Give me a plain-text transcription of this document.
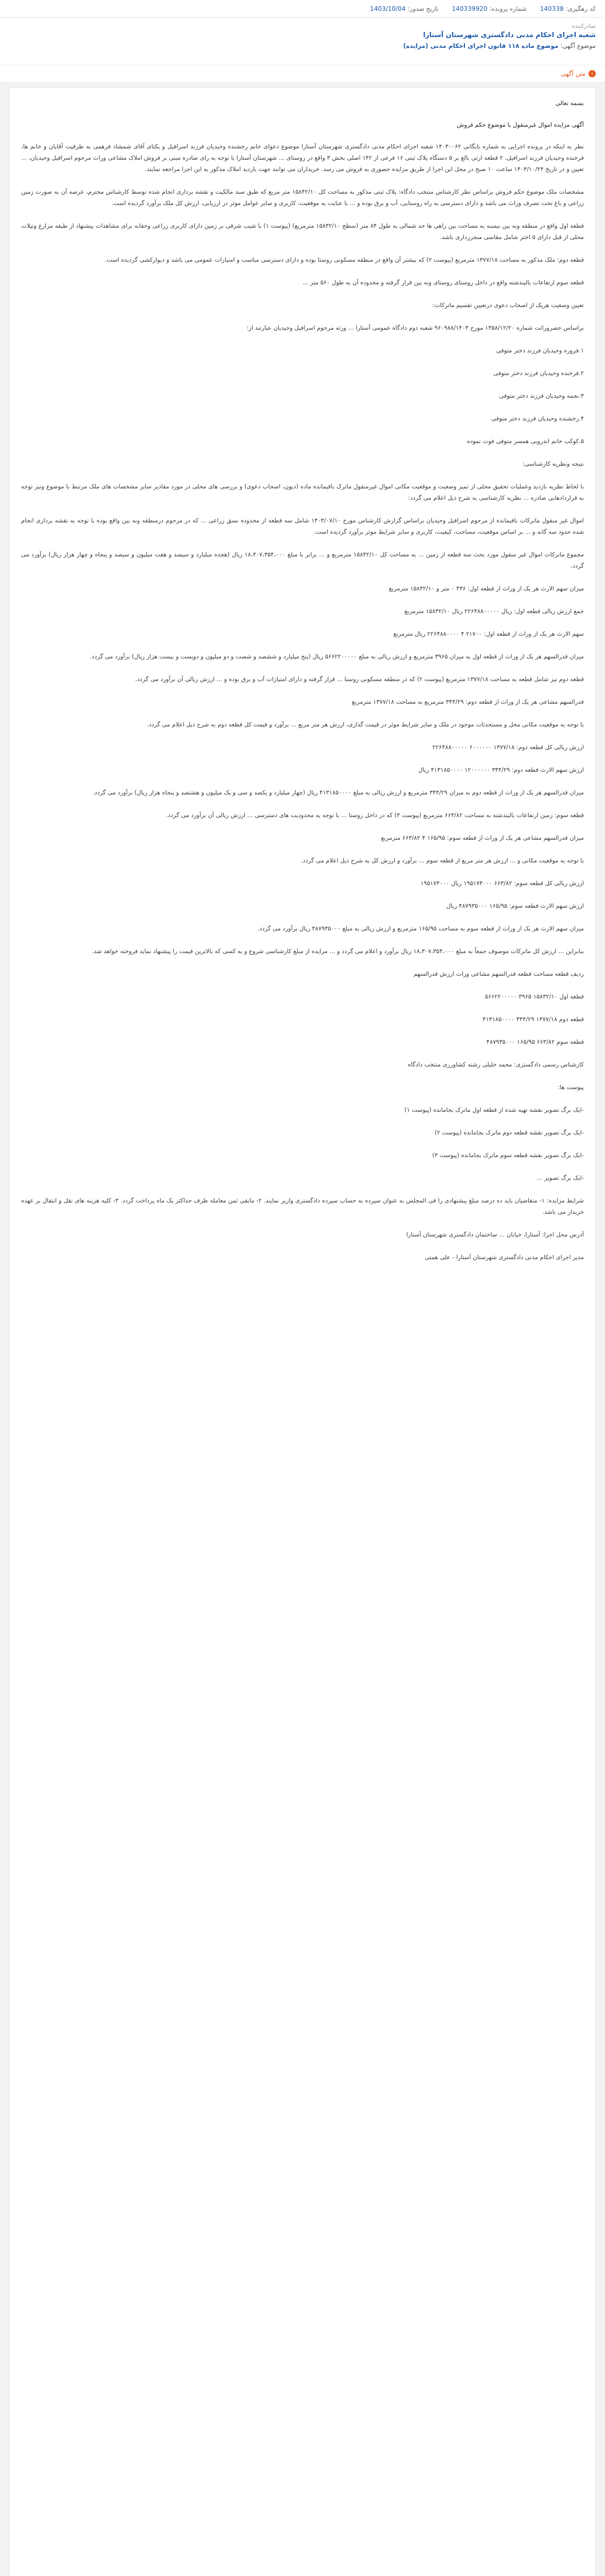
کد رهگیری:140338
شماره پرونده:140339920
تاریخ صدور:1403/10/04
صادرکننده
شعبه اجرای احکام مدنی دادگستری شهرستان آستارا
موضوع آگهی: موضوع ماده ۱۱۸ قانون اجرای احکام مدنی (مزایده)
i
متن آگهی

بسمه تعالی

آگهی مزایده اموال غیرمنقول با موضوع حکم فروش

نظر به اینکه در پرونده اجرایی به شماره بایگانی ۱۴۰۳۰۰۶۲ شعبه اجرای احکام مدنی دادگستری شهرستان آستارا موضوع دعوای خانم رخشنده وحیدیان فرزند اسرافیل و یکتای آقای شمشاد فرهمی به طرفیت آقایان و خانم ها، فرخنده وحیدیان فرزند اسرافیل، ۲ قطعه ارثی بالغ بر ۵ دستگاه پلاک ثبتی ۱۶ فرعی از ۱۴۲ اصلی بخش ۳ واقع در روستای ... شهرستان آستارا با توجه به رای صادره مبنی بر فروش املاک مشاعی وراث مرحوم اسرافیل وحیدیان، ... تعیین و در تاریخ ۱۴۰۳/۱۰/۲۴ ساعت ۱۰ صبح در محل این اجرا از طریق مزایده حضوری به فروش می رسد. خریداران می توانند جهت بازدید املاک مذکور به این اجرا مراجعه نمایند.

مشخصات ملک موضوع حکم فروش براساس نظر کارشناس منتخب دادگاه: پلاک ثبتی مذکور به مساحت کل ۱۵۸۴۲/۱۰ متر مربع که طبق سند مالکیت و نقشه برداری انجام شده توسط کارشناس محترم، عرصه آن به صورت زمین زراعی و باغ تحت تصرف وراث می باشد و دارای دسترسی به راه روستایی، آب و برق بوده و ... با عنایت به موقعیت، کاربری و سایر عوامل موثر در ارزیابی، ارزش کل ملک برآورد گردیده است.

قطعه اول واقع در منطقه ونه بین نیسبه به مساحت بین راهی ها حد شمالی به طول ۸۴ متر (سطح ۱۵۸۳۲/۱۰ مترمربع) (پیوست ۱) با شیب شرقی بر زمین دارای کاربری زراعی وحقابه برای مشاهدات پیشنهاد از طبقه مزارع وتپلات محلی از قبل دارای ۵ اختر شامل مقاسی منجرزداری باشد.

قطعه دوم: ملک مذکور به مساحت ۱۳۷۷/۱۸ مترمربع (پیوست ۲) که بیشتر آن واقع در منطقه مسکونی روستا بوده و دارای دسترسی مناسب و امتیازات عمومی می باشد و دیوارکشی گردیده است.

قطعه سوم ارتفاعات بالیندشته واقع در داخل روستای روستای ونه بین قرار گرفته و محدوده آن به طول ۵۶۰ متر ...

تعیین وضعیت هریک از اصحاب دعوی درتعیین تقسیم ماترکات:

براساس حصروراثت شماره ۱۳۵۸/۱۲/۲۰ مورخ ۹۶۰۹۸۸/۱۴۰۳ شعبه دوم دادگاه عمومی آستارا ... ورثه مرحوم اسرافیل وحیدیان عبارتند از:

۱.فروزه وحیدیان فرزند دختر متوفی

۲.فرخنده وحیدیان فرزند دختر متوفی

۳.نجمه وحیدیان فرزند دختر متوفی

۴.رخشنده وحیدیان فرزند دختر متوفی

۵.کوکب خانم اندروبی همسر متوفی فوت نموده

نتیجه ونظریه کارشناسی:

با لحاظ نظریه بازدید وعملیات تحقیق محلی از تمیز وضعیت و موقعیت مکانی اموال غیرمنقول ماترک باقیمانده ماده (دیون، اصحاب دعوی) و بررسی های محلی در مورد مقادیر سایر مشخصات های ملک مرتبط با موضوع ونیز توجه به قراردادهایی صادره ... نظریه کارشناسی به شرح ذیل اعلام می گردد:

اموال غیر منقول ماترکات باقیمانده از مرحوم اسرافیل وحیدیان براساس گزارش کارشناس مورخ ۱۴۰۳/۰۷/۱۰ شامل سه قطعه از محدوده نسق زراعی ... که در مرحوم درمنطقه ونه بین واقع بوده با توجه به نقشه برداری انجام شده حدود سه گانه و ... بر اساس موقعیت، مساحت، کیفیت، کاربری و سایر شرایط موثر برآورد گردیده است.

مجموع ماترکات اموال غیر منقول مورد بحث سه قطعه از زمین ... به مساحت کل ۱۵۸۴۲/۱۰ مترمربع و ... برابر با مبلغ ۱۸،۳۰۷،۳۵۴،۰۰۰ ریال (هجده میلیارد و سیصد و هفت میلیون و سیصد و پنجاه و چهار هزار ریال) برآورد می گردد.

میزان سهم الارث هر یک از وراث از قطعه اول: ۴۳۶ ۰ متر و ۱۵۸۳۲/۱۰ مترمربع

جمع ارزش ریالی قطعه اول: ریال ۲۲۶۴۸۸۰۰۰۰۰ ریال ۱۵۸۳۲/۱۰ مترمربع

سهم الارث هر یک از وراث از قطعه اول: ۲۱۷۰۰ ۴ ۲۲۶۴۸۸۰۰۰۰ ریال مترمربع

میزان قدرالسهم هر یک از وراث از قطعه اول به میزان ۳۹۶۵ مترمربع و ارزش ریالی به مبلغ ۵۶۶۲۲۰۰۰۰۰ ریال (پنج میلیارد و ششصد و شصت و دو میلیون و دویست و بیست هزار ریال) برآورد می گردد.

قطعه دوم نیز شامل قطعه به مساحت ۱۳۷۷/۱۸ مترمربع (پیوست ۲) که در منطقه مسکونی روستا ... قرار گرفته و دارای امتیازات آب و برق بوده و ... ارزش ریالی آن برآورد می گردد.

قدرالسهم مشاعی هر یک از وراث از قطعه دوم: ۳۴۴/۲۹ مترمربع به مساحت ۱۳۷۷/۱۸ مترمربع

با توجه به موقعیت مکانی محل و مستحدثات موجود در ملک و سایر شرایط موثر در قیمت گذاری، ارزش هر متر مربع ... برآورد و قیمت کل قطعه دوم به شرح ذیل اعلام می گردد.

ارزش ریالی کل قطعه دوم: ۱۳۷۷/۱۸ ۶۰۰۰۰۰۰ ۲۲۶۴۸۸۰۰۰۰۰

ارزش سهم الارث قطعه دوم: ۳۴۴/۲۹ ۱۲۰۰۰۰۰۰ ۴۱۳۱۸۵۰۰۰۰ ریال

میزان قدرالسهم هر یک از وراث از قطعه دوم به میزان ۳۴۴/۲۹ مترمربع و ارزش ریالی به مبلغ ۴۱۳۱۸۵۰۰۰۰ ریال (چهار میلیارد و یکصد و سی و یک میلیون و هشتصد و پنجاه هزار ریال) برآورد می گردد.

قطعه سوم: زمین ارتفاعات بالیندشته به مساحت ۶۶۳/۸۲ مترمربع (پیوست ۳) که در داخل روستا ... با توجه به محدودیت های دسترسی ... ارزش ریالی آن برآورد می گردد.

میزان قدرالسهم مشاعی هر یک از وراث از قطعه سوم: ۱۶۵/۹۵ ۴ ۶۶۳/۸۲ مترمربع

با توجه به موقعیت مکانی و ... ارزش هر متر مربع از قطعه سوم ... برآورد و ارزش کل به شرح ذیل اعلام می گردد.

ارزش ریالی کل قطعه سوم: ۶۶۳/۸۲ ۱۹۵۱۷۴۰۰۰ ریال ۱۹۵۱۷۴۰۰۰

ارزش سهم الارث قطعه سوم: ۱۶۵/۹۵ ۴۸۷۹۳۵۰۰۰ ریال

میزان سهم الارث هر یک از وراث از قطعه سوم به مساحت ۱۶۵/۹۵ مترمربع و ارزش ریالی به مبلغ ۴۸۷۹۳۵۰۰۰ ریال برآورد می گردد.

بنابراین ... ارزش کل ماترکات موصوف جمعاً به مبلغ ۱۸،۳۰۷،۳۵۴،۰۰۰ ریال برآورد و اعلام می گردد و ... مزایده از مبلغ کارشناسی شروع و به کسی که بالاترین قیمت را پیشنهاد نماید فروخته خواهد شد.

ردیف قطعه مساحت قطعه قدرالسهم مشاعی وراث ارزش قدرالسهم

قطعه اول ۱۵۸۳۲/۱۰ ۳۹۶۵ ۵۶۶۲۲۰۰۰۰۰

قطعه دوم ۱۳۷۷/۱۸ ۳۴۴/۲۹ ۴۱۳۱۸۵۰۰۰۰

قطعه سوم ۶۶۳/۸۲ ۱۶۵/۹۵ ۴۸۷۹۳۵۰۰۰

کارشناس رسمی دادگستری: محمد خلیلی رشته کشاورزی منتخب دادگاه

پیوست ها:

-ایک برگ تصویر نقشه تهیه شده از قطعه اول ماترک بجامانده (پیوست ۱)

-ایک برگ تصویر نقشه قطعه دوم ماترک بجامانده (پیوست ۲)

-ایک برگ تصویر نقشه قطعه سوم ماترک بجامانده (پیوست ۳)

-ایک برگ تصویر ...

شرایط مزایده: ۱- متقاضیان باید ده درصد مبلغ پیشنهادی را فی المجلس به عنوان سپرده به حساب سپرده دادگستری واریز نمایند. ۲- مابقی ثمن معامله ظرف حداکثر یک ماه پرداخت گردد. ۳- کلیه هزینه های نقل و انتقال بر عهده خریدار می باشد.

آدرس محل اجرا: آستارا، خیابان ... ساختمان دادگستری شهرستان آستارا

مدیر اجرای احکام مدنی دادگستری شهرستان آستارا - علی همتی
